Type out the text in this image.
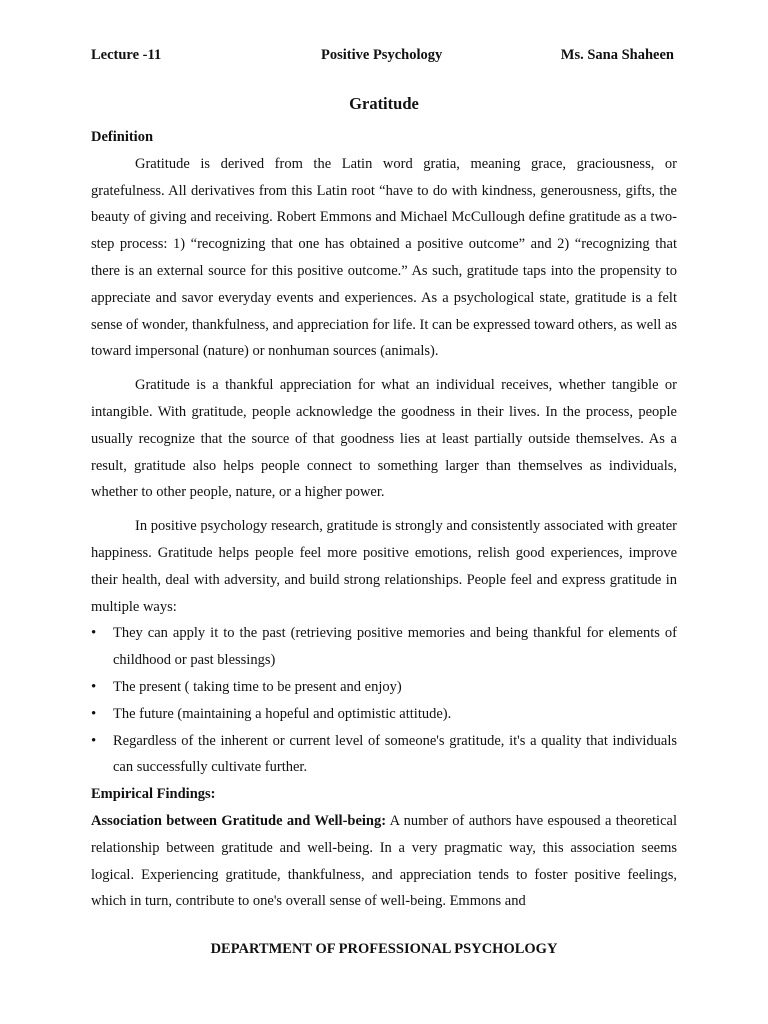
Lecture -11	Positive Psychology	Ms. Sana Shaheen
Gratitude

Definition

Gratitude is derived from the Latin word gratia, meaning grace, graciousness, or gratefulness. All derivatives from this Latin root “have to do with kindness, generousness, gifts, the beauty of giving and receiving. Robert Emmons and Michael McCullough define gratitude as a two-step process: 1) “recognizing that one has obtained a positive outcome” and 2) “recognizing that there is an external source for this positive outcome.” As such, gratitude taps into the propensity to appreciate and savor everyday events and experiences. As a psychological state, gratitude is a felt sense of wonder, thankfulness, and appreciation for life. It can be expressed toward others, as well as toward impersonal (nature) or nonhuman sources (animals).

Gratitude is a thankful appreciation for what an individual receives, whether tangible or intangible. With gratitude, people acknowledge the goodness in their lives. In the process, people usually recognize that the source of that goodness lies at least partially outside themselves. As a result, gratitude also helps people connect to something larger than themselves as individuals, whether to other people, nature, or a higher power.

In positive psychology research, gratitude is strongly and consistently associated with greater happiness. Gratitude helps people feel more positive emotions, relish good experiences, improve their health, deal with adversity, and build strong relationships. People feel and express gratitude in multiple ways:

• They can apply it to the past (retrieving positive memories and being thankful for elements of childhood or past blessings)
• The present ( taking time to be present and enjoy)
• The future (maintaining a hopeful and optimistic attitude).
• Regardless of the inherent or current level of someone's gratitude, it's a quality that individuals can successfully cultivate further.

Empirical Findings:

Association between Gratitude and Well-being: A number of authors have espoused a theoretical relationship between gratitude and well-being. In a very pragmatic way, this association seems logical. Experiencing gratitude, thankfulness, and appreciation tends to foster positive feelings, which in turn, contribute to one's overall sense of well-being. Emmons and

DEPARTMENT OF PROFESSIONAL PSYCHOLOGY
